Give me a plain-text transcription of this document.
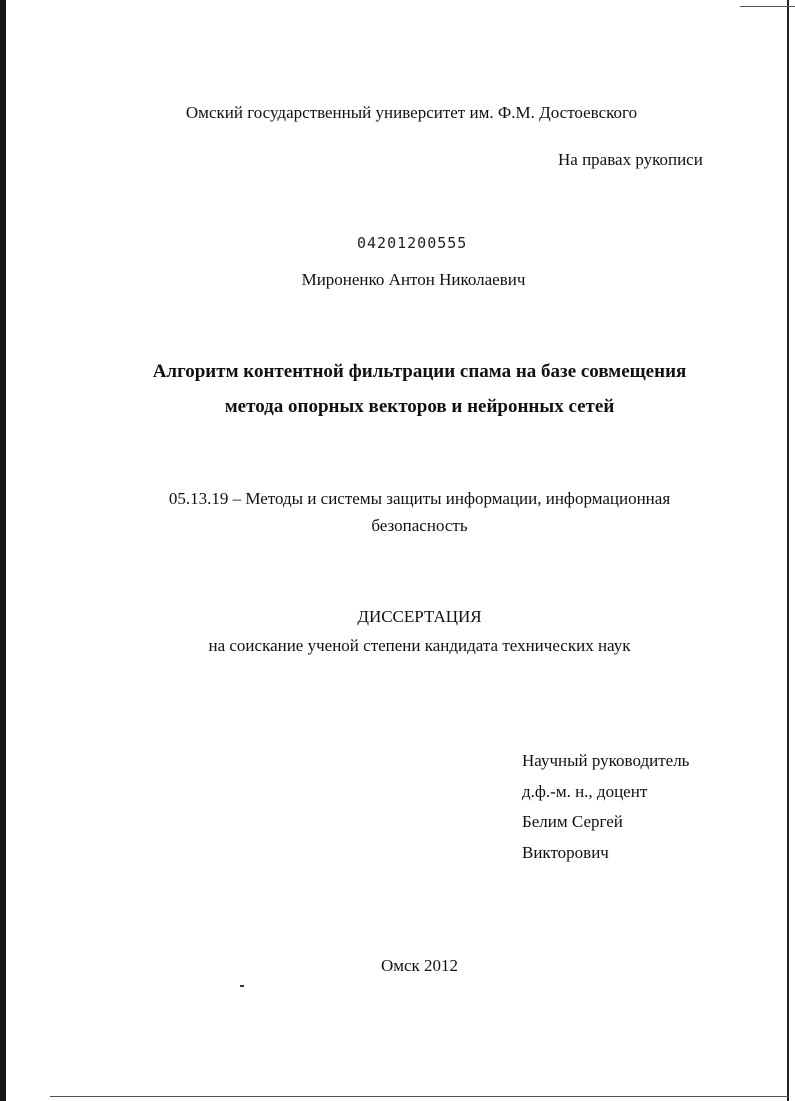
Омский государственный университет им. Ф.М. Достоевского
На правах рукописи
04201200555
Мироненко Антон Николаевич
Алгоритм контентной фильтрации спама на базе совмещения
метода опорных векторов и нейронных сетей
05.13.19 – Методы и системы защиты информации, информационная
безопасность
ДИССЕРТАЦИЯ
на соискание ученой степени кандидата технических наук
Научный руководитель
д.ф.-м. н., доцент
Белим Сергей
Викторович
Омск 2012
